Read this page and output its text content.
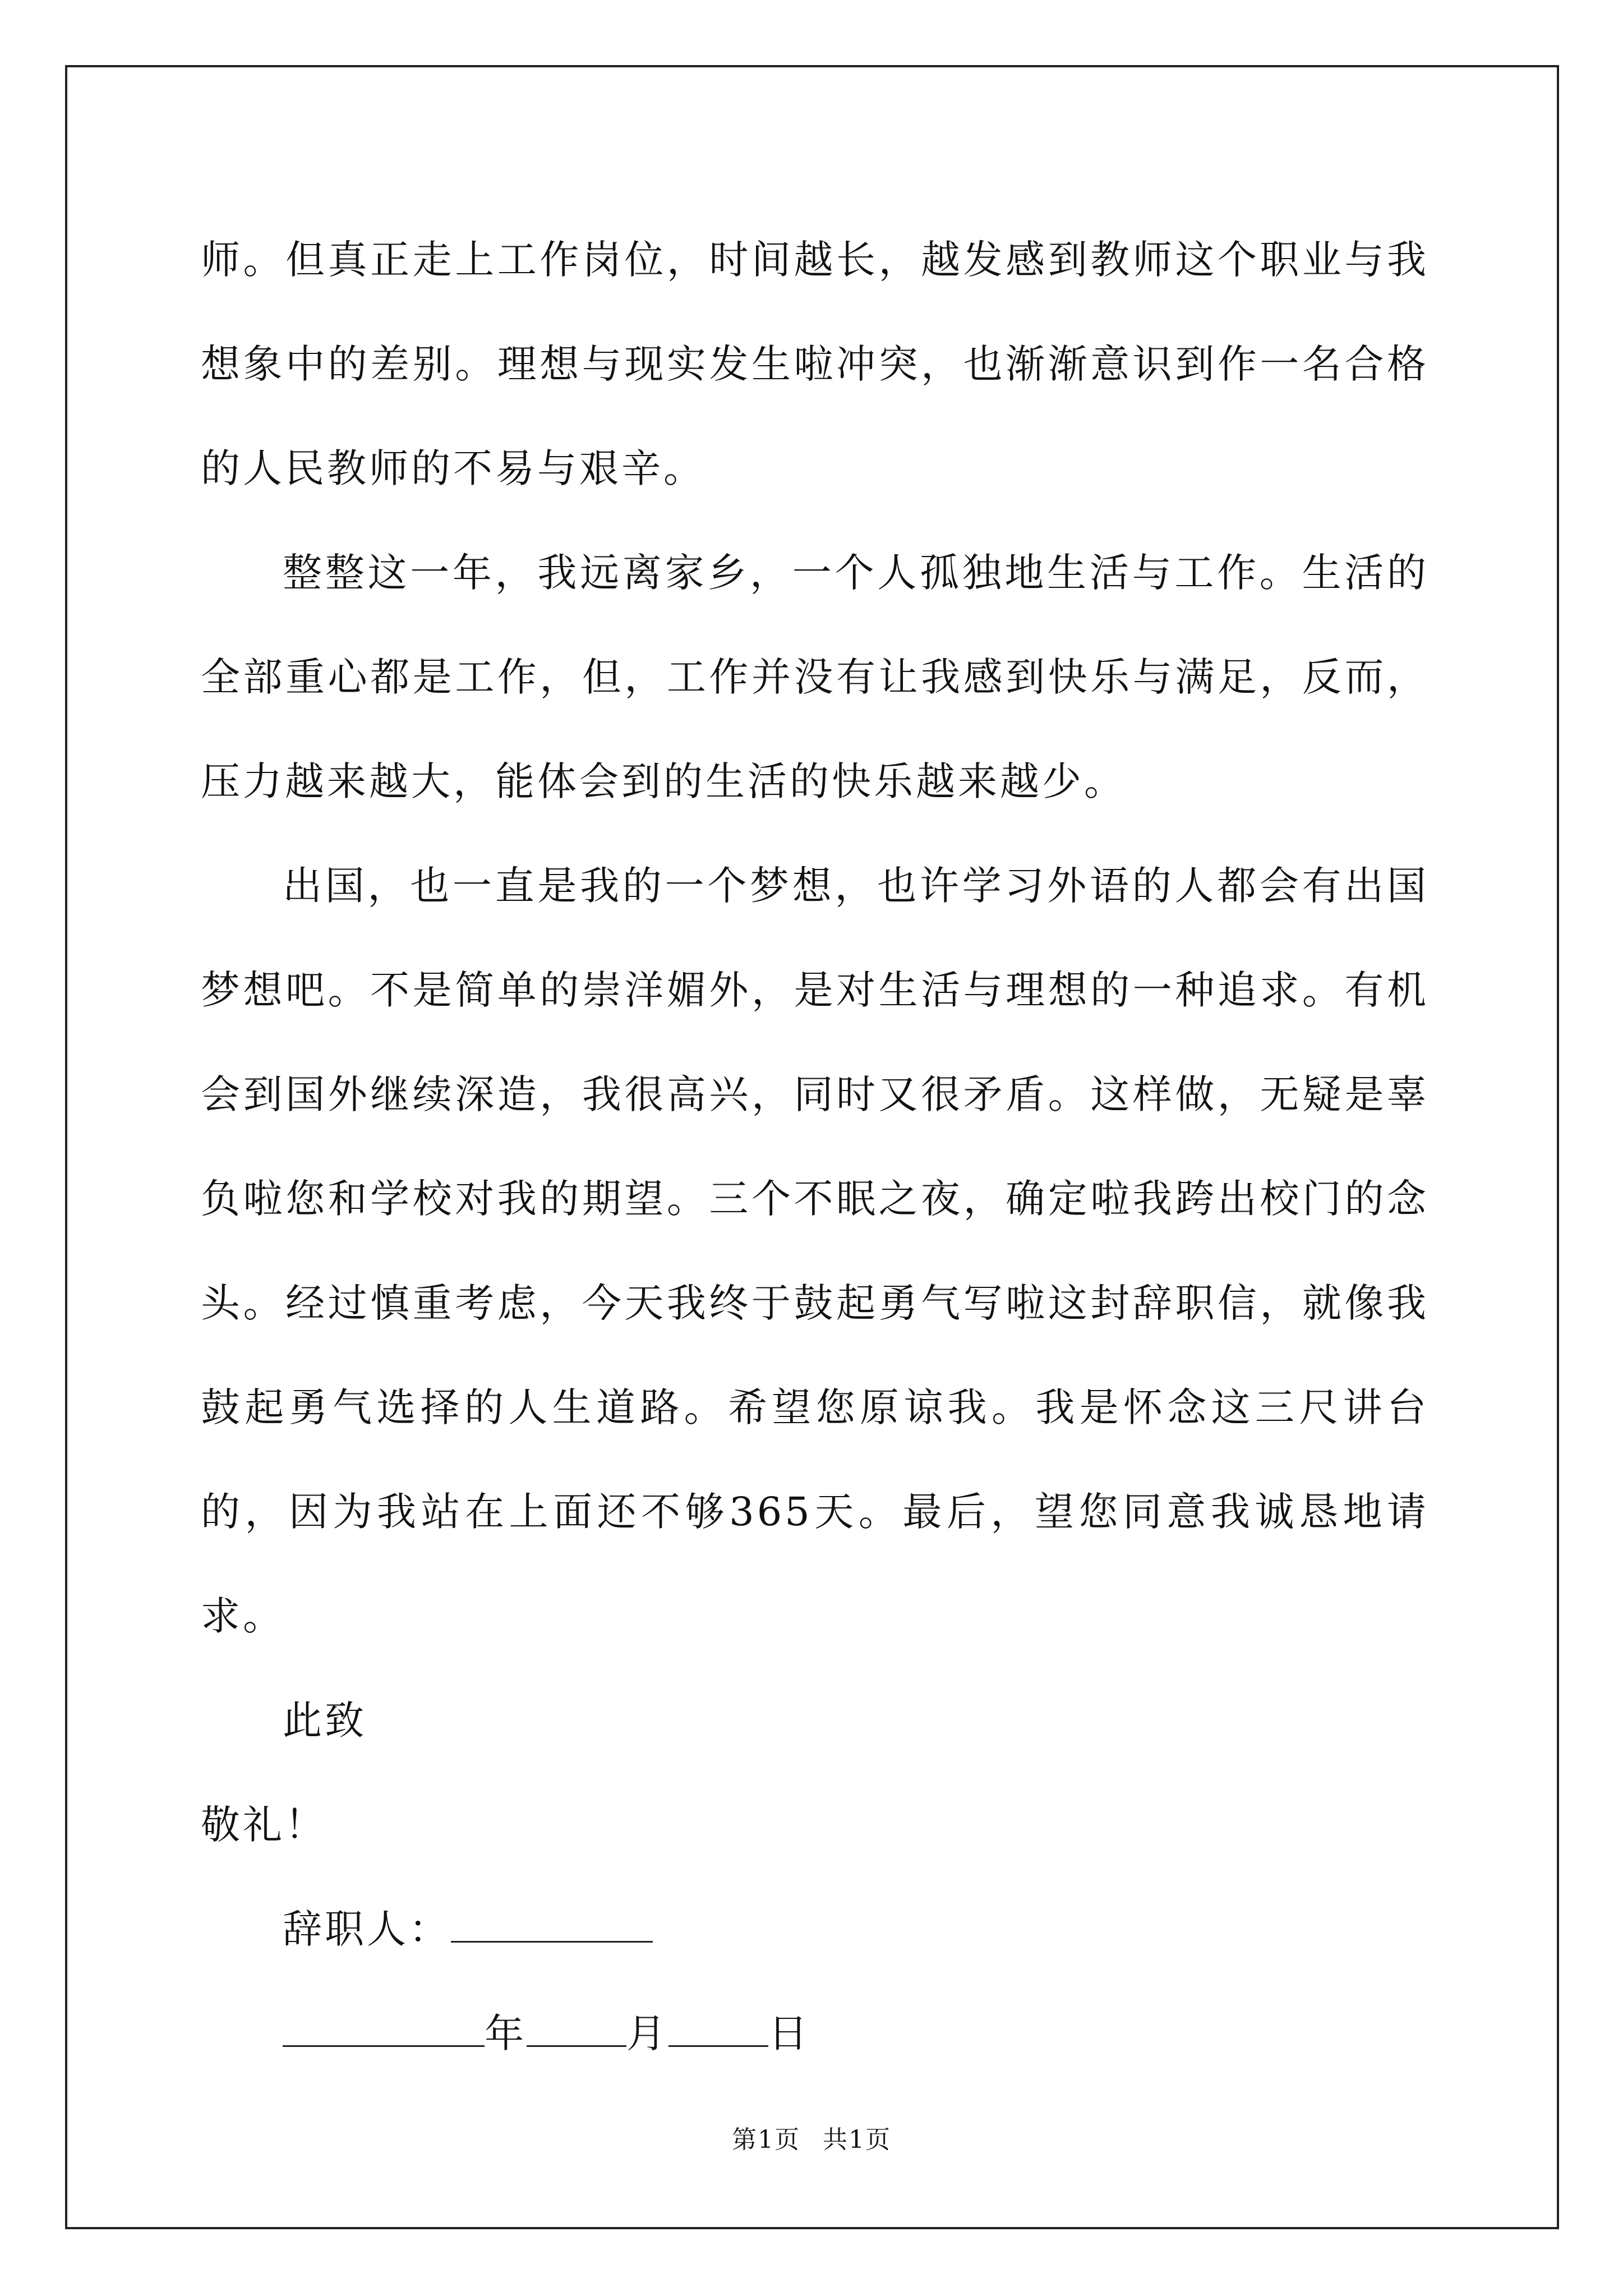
师。但真正走上工作岗位，时间越长，越发感到教师这个职业与我想象中的差别。理想与现实发生啦冲突，也渐渐意识到作一名合格的人民教师的不易与艰辛。

整整这一年，我远离家乡，一个人孤独地生活与工作。生活的全部重心都是工作，但，工作并没有让我感到快乐与满足，反而，压力越来越大，能体会到的生活的快乐越来越少。

出国，也一直是我的一个梦想，也许学习外语的人都会有出国梦想吧。不是简单的崇洋媚外，是对生活与理想的一种追求。有机会到国外继续深造，我很高兴，同时又很矛盾。这样做，无疑是辜负啦您和学校对我的期望。三个不眠之夜，确定啦我跨出校门的念头。经过慎重考虑，今天我终于鼓起勇气写啦这封辞职信，就像我鼓起勇气选择的人生道路。希望您原谅我。我是怀念这三尺讲台的，因为我站在上面还不够365天。最后，望您同意我诚恳地请求。

此致

敬礼！

辞职人：

年	月	日

第1页 共1页
